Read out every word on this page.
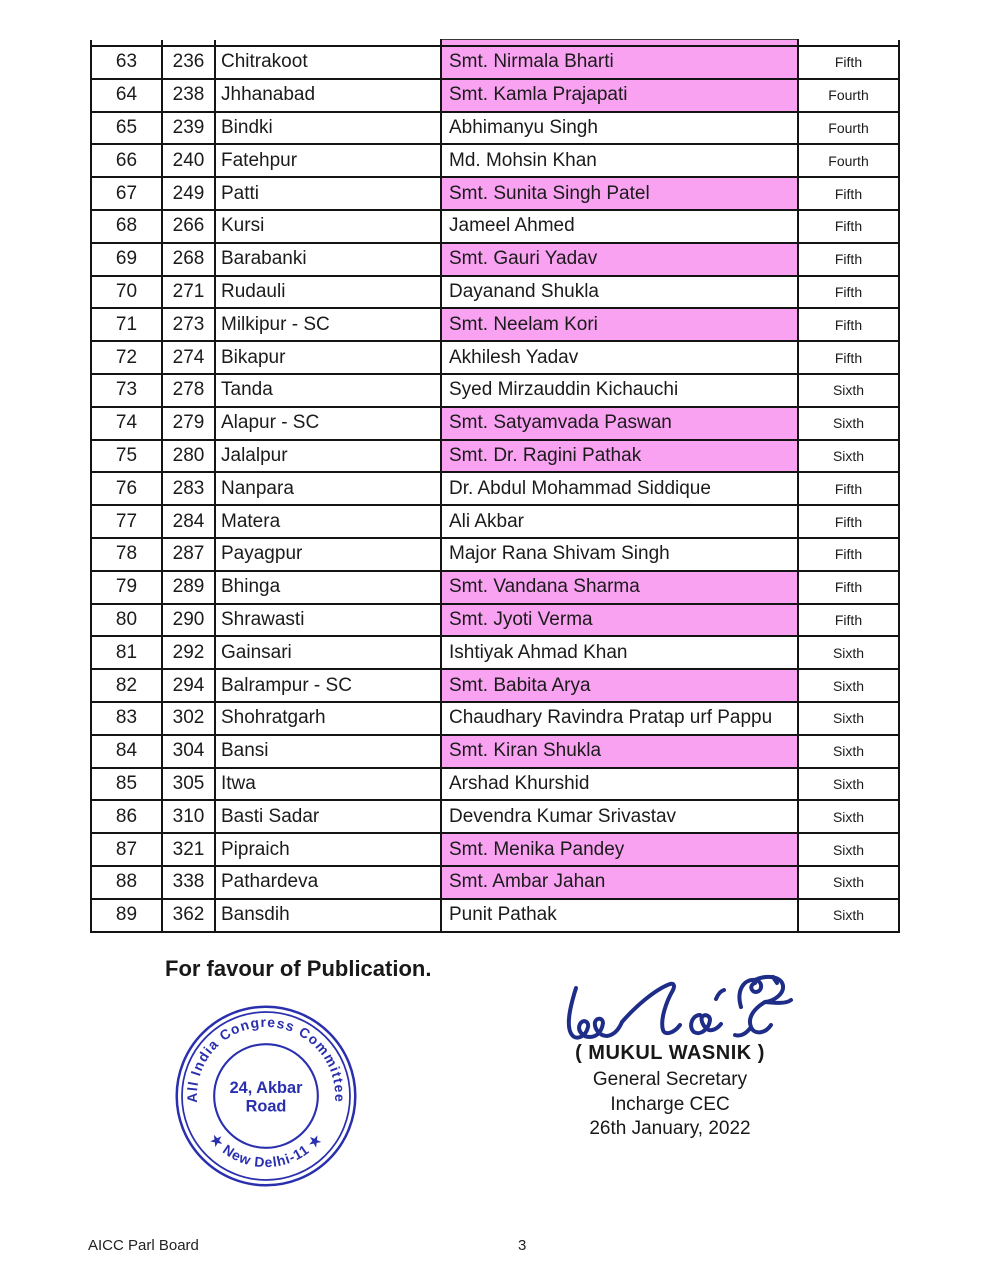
63	236	Chitrakoot	Smt. Nirmala Bharti	Fifth
64	238	Jhhanabad	Smt. Kamla Prajapati	Fourth
65	239	Bindki	Abhimanyu Singh	Fourth
66	240	Fatehpur	Md. Mohsin Khan	Fourth
67	249	Patti	Smt. Sunita Singh Patel	Fifth
68	266	Kursi	Jameel Ahmed	Fifth
69	268	Barabanki	Smt. Gauri Yadav	Fifth
70	271	Rudauli	Dayanand Shukla	Fifth
71	273	Milkipur - SC	Smt. Neelam Kori	Fifth
72	274	Bikapur	Akhilesh Yadav	Fifth
73	278	Tanda	Syed Mirzauddin Kichauchi	Sixth
74	279	Alapur - SC	Smt. Satyamvada Paswan	Sixth
75	280	Jalalpur	Smt. Dr. Ragini Pathak	Sixth
76	283	Nanpara	Dr. Abdul Mohammad Siddique	Fifth
77	284	Matera	Ali Akbar	Fifth
78	287	Payagpur	Major Rana Shivam Singh	Fifth
79	289	Bhinga	Smt. Vandana Sharma	Fifth
80	290	Shrawasti	Smt. Jyoti Verma	Fifth
81	292	Gainsari	Ishtiyak Ahmad Khan	Sixth
82	294	Balrampur - SC	Smt. Babita Arya	Sixth
83	302	Shohratgarh	Chaudhary Ravindra Pratap urf Pappu	Sixth
84	304	Bansi	Smt. Kiran Shukla	Sixth
85	305	Itwa	Arshad Khurshid	Sixth
86	310	Basti Sadar	Devendra Kumar Srivastav	Sixth
87	321	Pipraich	Smt. Menika Pandey	Sixth
88	338	Pathardeva	Smt. Ambar Jahan	Sixth
89	362	Bansdih	Punit Pathak	Sixth
For favour of Publication.
All India Congress Committee
★ New Delhi-11 ★
24, Akbar
Road
( MUKUL WASNIK )
General Secretary
Incharge CEC
26th January, 2022
AICC Parl Board	3
